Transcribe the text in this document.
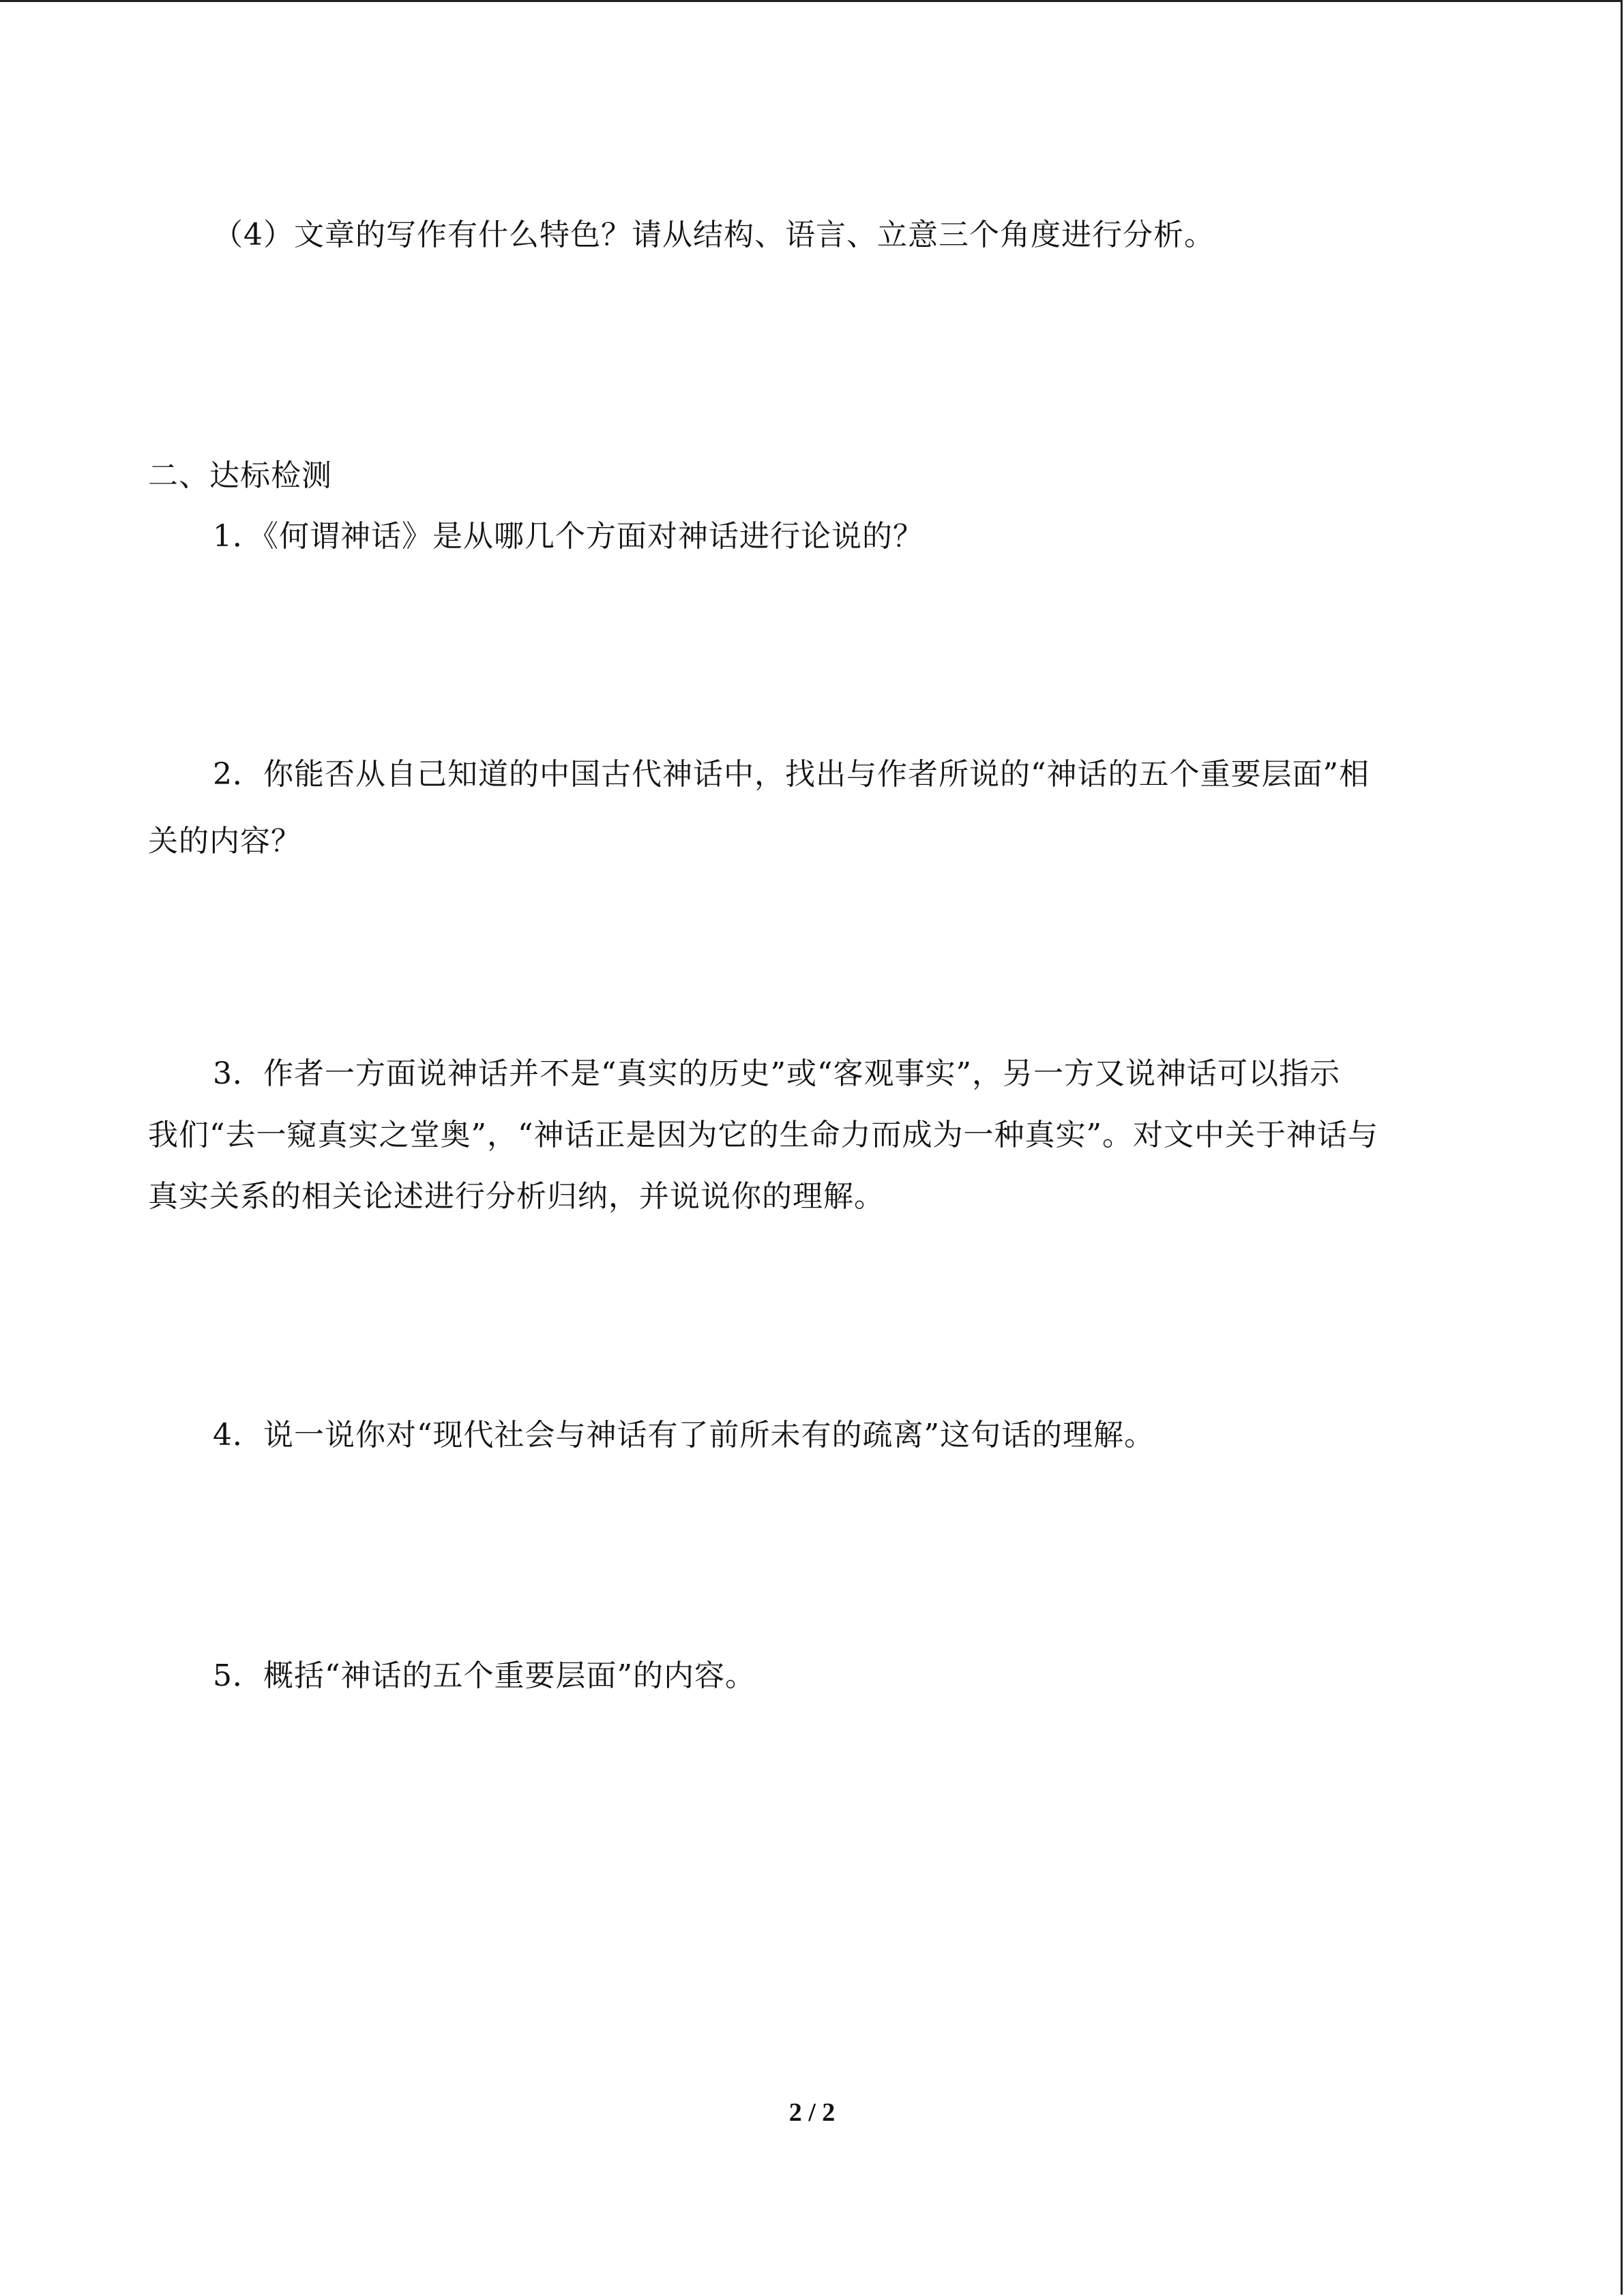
（4）文章的写作有什么特色？请从结构、语言、立意三个角度进行分析。
二、达标检测
1．《何谓神话》是从哪几个方面对神话进行论说的？
2．你能否从自己知道的中国古代神话中，找出与作者所说的“神话的五个重要层面”相
关的内容？
3．作者一方面说神话并不是“真实的历史”或“客观事实”，另一方又说神话可以指示
我们“去一窥真实之堂奥”，“神话正是因为它的生命力而成为一种真实”。对文中关于神话与
真实关系的相关论述进行分析归纳，并说说你的理解。
4．说一说你对“现代社会与神话有了前所未有的疏离”这句话的理解。
5．概括“神话的五个重要层面”的内容。
2 / 2
